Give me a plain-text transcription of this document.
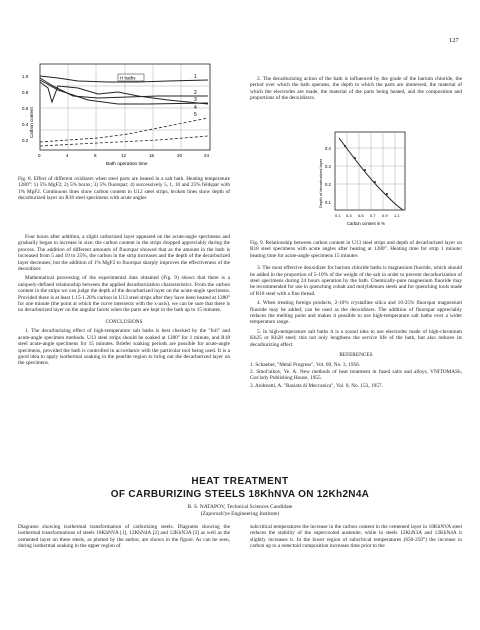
127
H baths	1
2
3
4
5
1.0
0.8
0.6
0.4
0.2
Carbon content
0	4	8	12	16	20	24
Bath operation time

Fig. 8. Effect of different oxidizers when steel parts are heated in a salt bath. Heating temperature 1280°: 1) 5% MgF2; 2) 5% borax; 3) 5% fluorspar; 4) successively 5, 1, 10 and 25% feldspar with 1% MgF2. Continuous lines show carbon content in U12 steel strips, broken lines show depth of decarburized layer on R18 steel specimens with acute angles

Four hours after addition, a slight carburized layer appeared on the acute-angle specimens and gradually began to increase in size; the carbon content in the strips dropped appreciably during the process. The addition of different amounts of fluorspar showed that as the amount in the bath is increased from 5 and 10 to 25%, the carbon in the strip increases and the depth of the decarburized layer decreases; but the addition of 1% MgF2 to fluorspar sharply improves the effectiveness of the deoxidizer.

Mathematical processing of the experimental data obtained (Fig. 9) shows that there is a uniquely-defined relationship between the applied decarburization characteristics. From the carbon content in the strips we can judge the depth of the decarburized layer on the acute-angle specimens. Provided there is at least 1.15-1.20% carbon in U13 steel strips after they have been heated at 1280° for one minute (the point at which the curve intersects with the x-axis), we can be sure that there is no decarburized layer on the angular facets when the parts are kept in the bath up to 15 minutes.

CONCLUSIONS

1. The decarburizing effect of high-temperature salt baths is best checked by the "foil" and acute-angle specimen methods. U13 steel strips should be soaked at 1280° for 1 minute, and R18 steel acute-angle specimens for 15 minutes. Briefer soaking periods are possible for acute-angle specimens, provided the bath is controlled in accordance with the particular tool being used. It is a good idea to apply isothermal soaking in the pearlite region to bring out the decarburized layer on the specimens.

2. The decarburizing action of the bath is influenced by the grade of the barium chloride, the period over which the bath operates, the depth to which the parts are immersed, the material of which the electrodes are made, the material of the parts being heated, and the composition and proportions of the deoxidizers.

0.4
0.3
0.2
0.1
Depth of decarburized layer
0.1 0.3 0.5 0.7 0.9 1.1
Carbon content in %

Fig. 9. Relationship between carbon content in U13 steel strips and depth of decarburized layer on R18 steel specimens with acute angles after heating at 1280°. Heating time for strip 1 minute; heating time for acute-angle specimens 15 minutes

3. The most effective deoxidizer for barium chloride baths is magnesium fluoride, which should be added in the proportion of 5-10% of the weight of the salt in order to prevent decarburization of steel specimens during 24 hours operation by the bath. Chemically-pure magnesium fluoride may be recommended for use in quenching cobalt and molybdenum steels and for quenching tools made of R18 steel with a fine thread.

4. When treating foreign products, 2-10% crystalline silica and 10-25% fluorspar magnesium fluoride may be added; can be used as the deoxidizers. The addition of fluorspar appreciably reduces the melting point and makes it possible to use high-temperature salt baths over a wider temperature range.

5. In high-temperature salt baths it is a sound idea to use electrodes made of high-chromium Kh25 or Kh28 steel; this not only lengthens the service life of the bath, but also reduces its decarburizing effect.

REFERENCES

1. Schaeber, "Metal Progress", Vol. 69, No. 3, 1956.
2. Smol'nikov, Ye. A. New methods of heat treatment in fused salts and alloys, VNITOMASh, Gos'izdy Publishing House, 1955.
3. Andreatti, A. "Rasiata di Meccanica", Vol. 8, No. 153, 1957.
HEAT TREATMENT
OF CARBURIZING STEELS 18KhNVA ON 12Kh2N4A
B. S. NATAPOV, Technical Sciences Candidate
(Zaporozh'ye Engineering Institute)

Diagrams showing isothermal transformation of carburizing steels. Diagrams showing the isothermal transformations of steels 18KhNVA [1], 12KhN4A [2] and 12KhN3A [2] as well as the cemented layer on these steels, as plotted by the author, are shown in the figure. As can be seen, during isothermal soaking in the upper region of

subcritical temperatures the increase in the carbon content in the cemented layer in 18KhNVA steel reduces the stability of the supercooled austenite, while in steels 12KhN3A and 12KhN4A it slightly increases it. In the lower region of subcritical temperatures (650-250°) the increase in carbon up to a eutectoid composition increases time prior to the
